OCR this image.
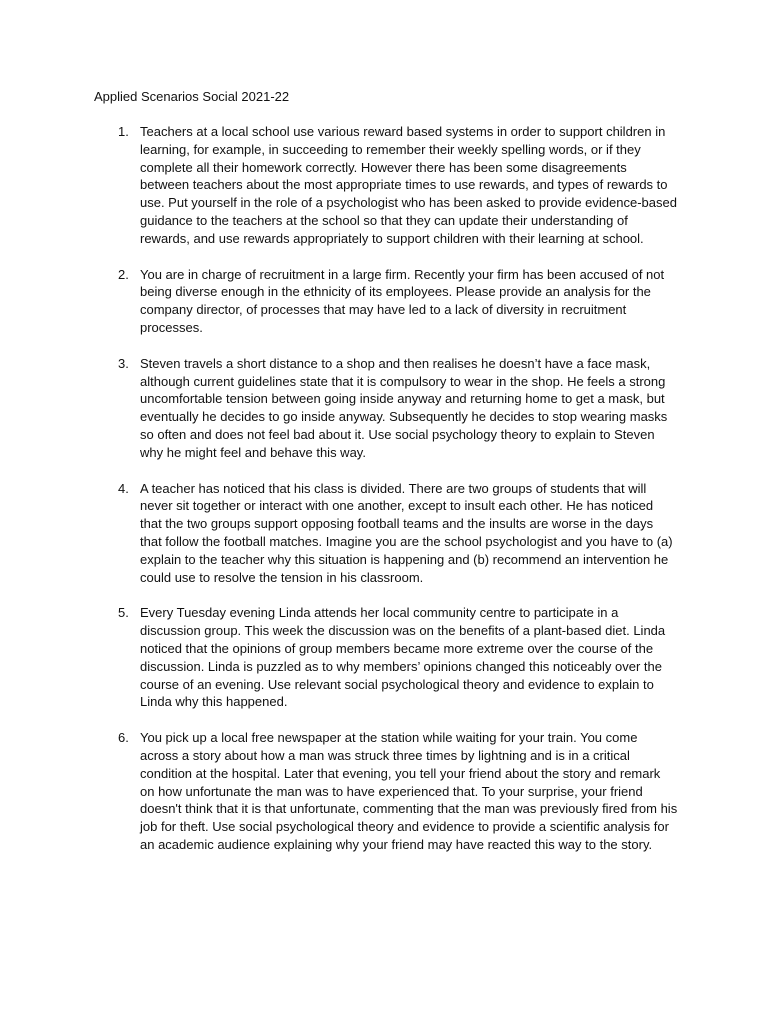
Applied Scenarios Social 2021-22
1. Teachers at a local school use various reward based systems in order to support children in learning, for example, in succeeding to remember their weekly spelling words, or if they complete all their homework correctly. However there has been some disagreements between teachers about the most appropriate times to use rewards, and types of rewards to use. Put yourself in the role of a psychologist who has been asked to provide evidence-based guidance to the teachers at the school so that they can update their understanding of rewards, and use rewards appropriately to support children with their learning at school.
2. You are in charge of recruitment in a large firm. Recently your firm has been accused of not being diverse enough in the ethnicity of its employees. Please provide an analysis for the company director, of processes that may have led to a lack of diversity in recruitment processes.
3. Steven travels a short distance to a shop and then realises he doesn’t have a face mask, although current guidelines state that it is compulsory to wear in the shop. He feels a strong uncomfortable tension between going inside anyway and returning home to get a mask, but eventually he decides to go inside anyway. Subsequently he decides to stop wearing masks so often and does not feel bad about it. Use social psychology theory to explain to Steven why he might feel and behave this way.
4. A teacher has noticed that his class is divided. There are two groups of students that will never sit together or interact with one another, except to insult each other. He has noticed that the two groups support opposing football teams and the insults are worse in the days that follow the football matches. Imagine you are the school psychologist and you have to (a) explain to the teacher why this situation is happening and (b) recommend an intervention he could use to resolve the tension in his classroom.
5. Every Tuesday evening Linda attends her local community centre to participate in a discussion group. This week the discussion was on the benefits of a plant-based diet. Linda noticed that the opinions of group members became more extreme over the course of the discussion. Linda is puzzled as to why members’ opinions changed this noticeably over the course of an evening. Use relevant social psychological theory and evidence to explain to Linda why this happened.
6. You pick up a local free newspaper at the station while waiting for your train. You come across a story about how a man was struck three times by lightning and is in a critical condition at the hospital. Later that evening, you tell your friend about the story and remark on how unfortunate the man was to have experienced that. To your surprise, your friend doesn't think that it is that unfortunate, commenting that the man was previously fired from his job for theft. Use social psychological theory and evidence to provide a scientific analysis for an academic audience explaining why your friend may have reacted this way to the story.
